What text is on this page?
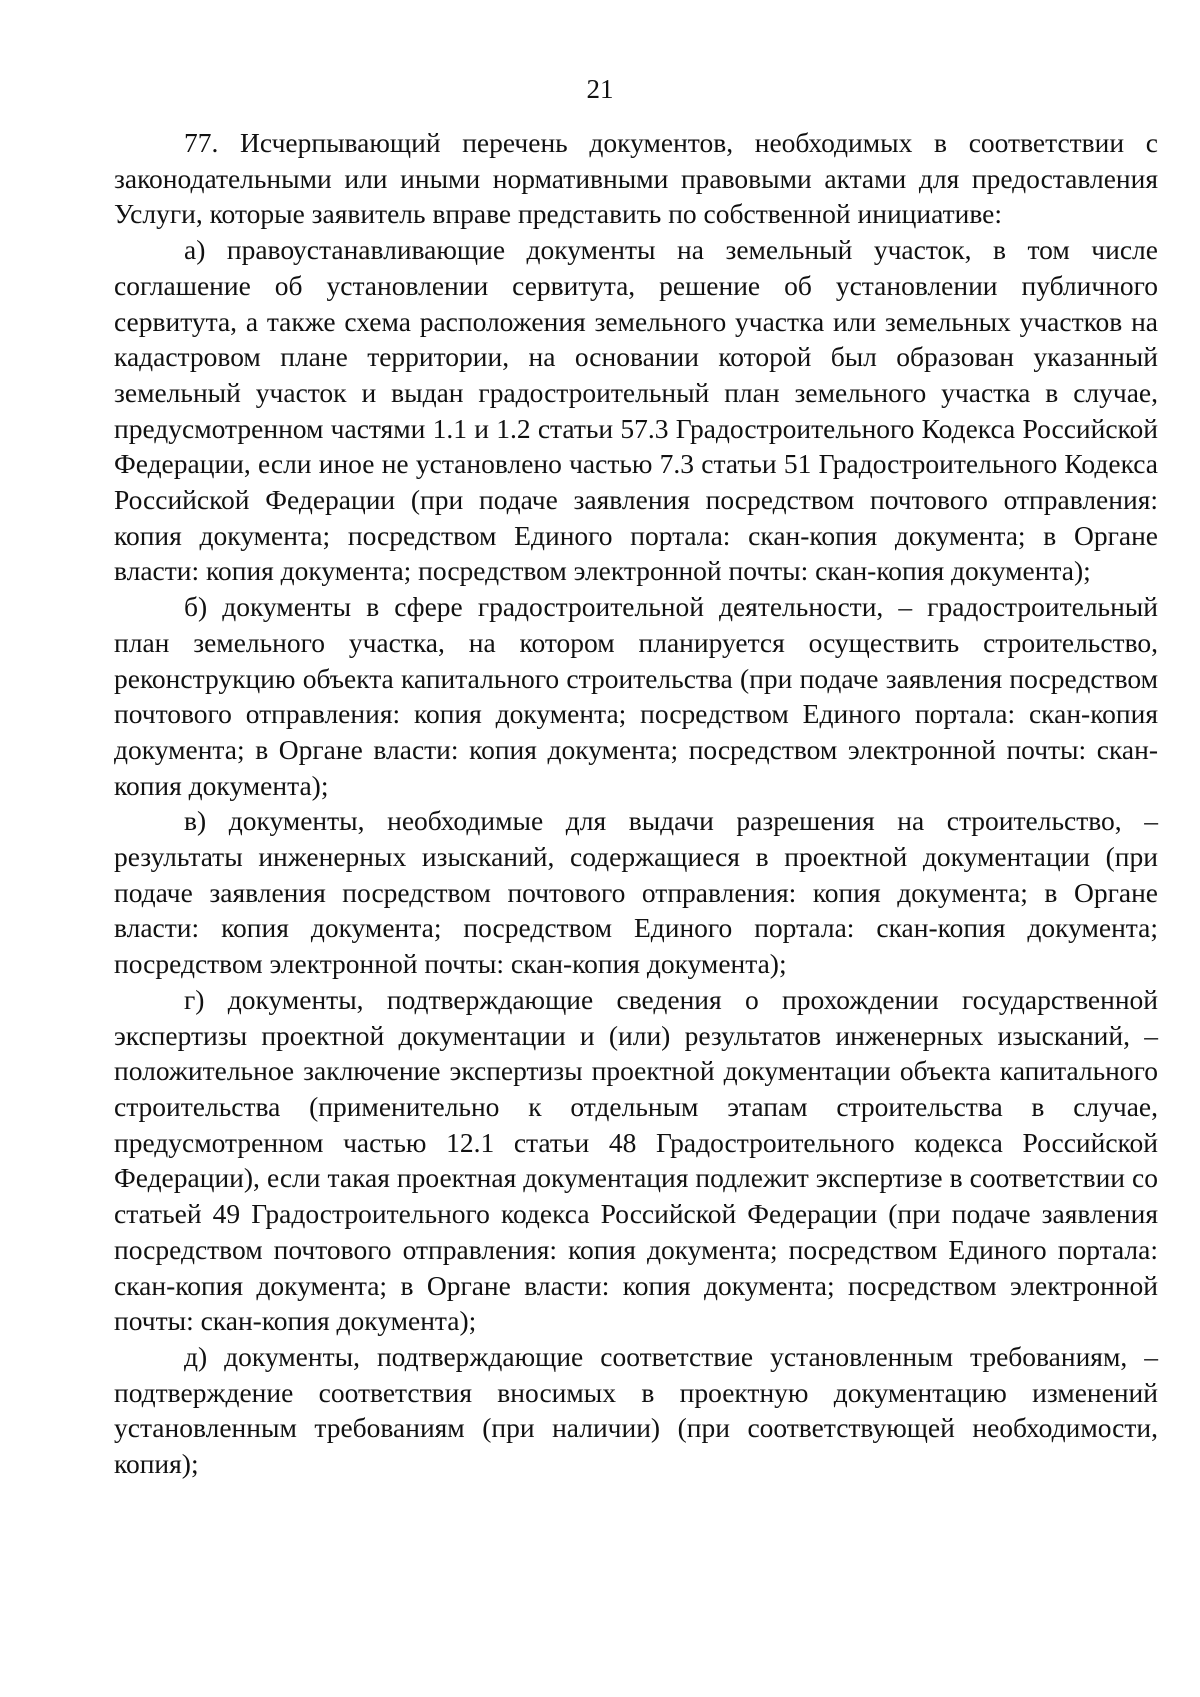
21

77. Исчерпывающий перечень документов, необходимых в соответствии с законодательными или иными нормативными правовыми актами для предоставления Услуги, которые заявитель вправе представить по собственной инициативе:

а) правоустанавливающие документы на земельный участок, в том числе соглашение об установлении сервитута, решение об установлении публичного сервитута, а также схема расположения земельного участка или земельных участков на кадастровом плане территории, на основании которой был образован указанный земельный участок и выдан градостроительный план земельного участка в случае, предусмотренном частями 1.1 и 1.2 статьи 57.3 Градостроительного Кодекса Российской Федерации, если иное не установлено частью 7.3 статьи 51 Градостроительного Кодекса Российской Федерации (при подаче заявления посредством почтового отправления: копия документа; посредством Единого портала: скан-копия документа; в Органе власти: копия документа; посредством электронной почты: скан-копия документа);

б) документы в сфере градостроительной деятельности, – градостроительный план земельного участка, на котором планируется осуществить строительство, реконструкцию объекта капитального строительства (при подаче заявления посредством почтового отправления: копия документа; посредством Единого портала: скан-копия документа; в Органе власти: копия документа; посредством электронной почты: скан-копия документа);

в) документы, необходимые для выдачи разрешения на строительство, – результаты инженерных изысканий, содержащиеся в проектной документации (при подаче заявления посредством почтового отправления: копия документа; в Органе власти: копия документа; посредством Единого портала: скан-копия документа; посредством электронной почты: скан-копия документа);

г) документы, подтверждающие сведения о прохождении государственной экспертизы проектной документации и (или) результатов инженерных изысканий, – положительное заключение экспертизы проектной документации объекта капитального строительства (применительно к отдельным этапам строительства в случае, предусмотренном частью 12.1 статьи 48 Градостроительного кодекса Российской Федерации), если такая проектная документация подлежит экспертизе в соответствии со статьей 49 Градостроительного кодекса Российской Федерации (при подаче заявления посредством почтового отправления: копия документа; посредством Единого портала: скан-копия документа; в Органе власти: копия документа; посредством электронной почты: скан-копия документа);

д) документы, подтверждающие соответствие установленным требованиям, – подтверждение соответствия вносимых в проектную документацию изменений установленным требованиям (при наличии) (при соответствующей необходимости, копия);
